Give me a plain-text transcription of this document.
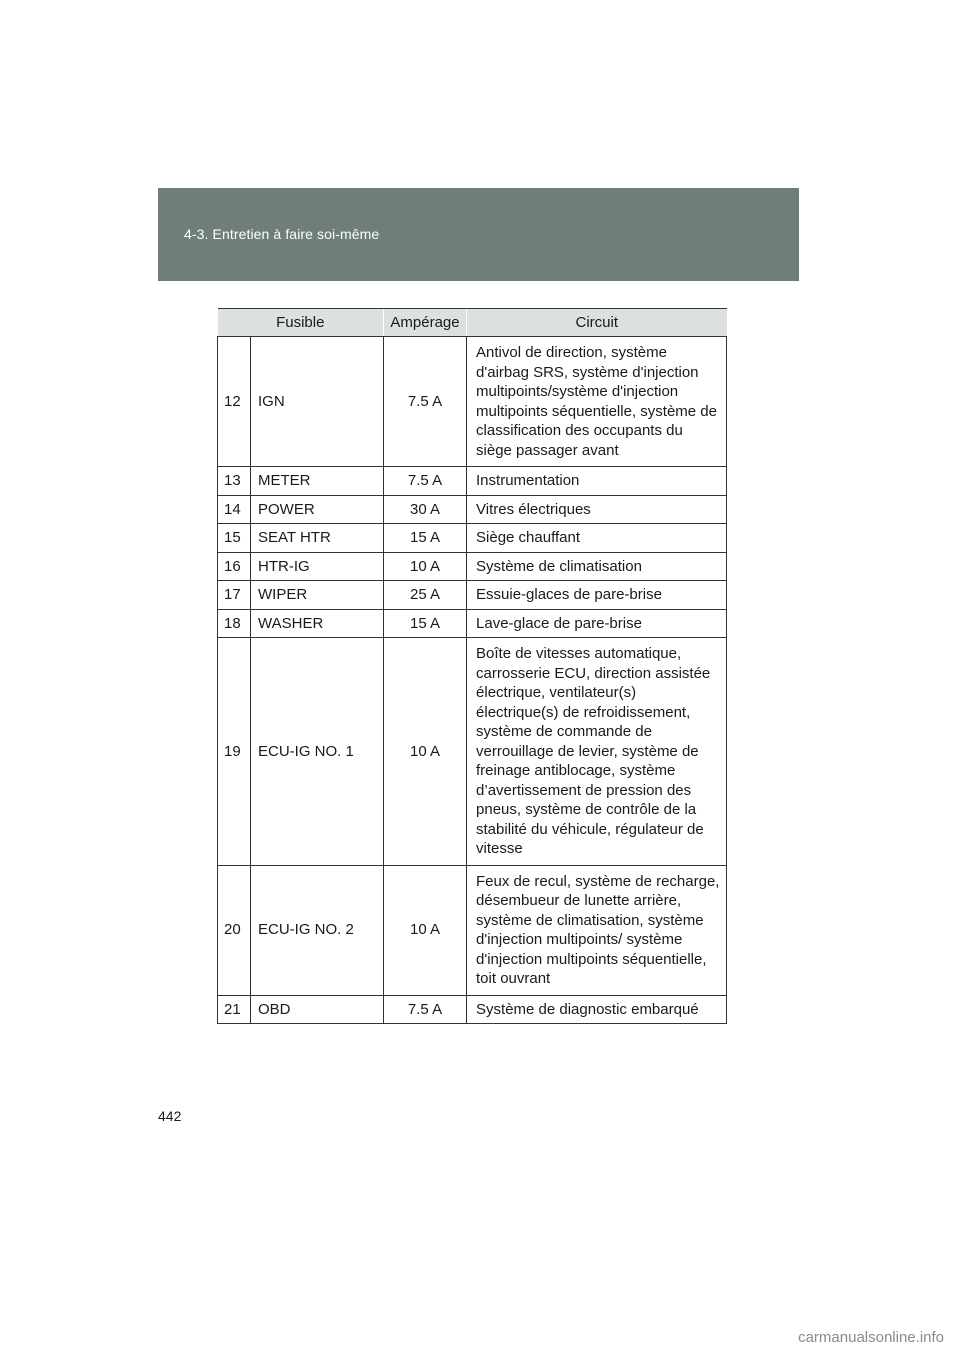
4-3. Entretien à faire soi-même
Fusible		Ampérage	Circuit
12	IGN	7.5 A	Antivol de direction, système d'airbag SRS, système d'injection multipoints/système d'injection multipoints séquentielle, système de classification des occupants du siège passager avant
13	METER	7.5 A	Instrumentation
14	POWER	30 A	Vitres électriques
15	SEAT HTR	15 A	Siège chauffant
16	HTR-IG	10 A	Système de climatisation
17	WIPER	25 A	Essuie-glaces de pare-brise
18	WASHER	15 A	Lave-glace de pare-brise
19	ECU-IG NO. 1	10 A	Boîte de vitesses automatique, carrosserie ECU, direction assistée électrique, ventilateur(s) électrique(s) de refroidissement, système de commande de verrouillage de levier, système de freinage antiblocage, système d’avertissement de pression des pneus, système de contrôle de la stabilité du véhicule, régulateur de vitesse
20	ECU-IG NO. 2	10 A	Feux de recul, système de recharge, désembueur de lunette arrière, système de climatisation, système d'injection multipoints/ système d'injection multipoints séquentielle, toit ouvrant
21	OBD	7.5 A	Système de diagnostic embarqué
442
carmanualsonline.info
